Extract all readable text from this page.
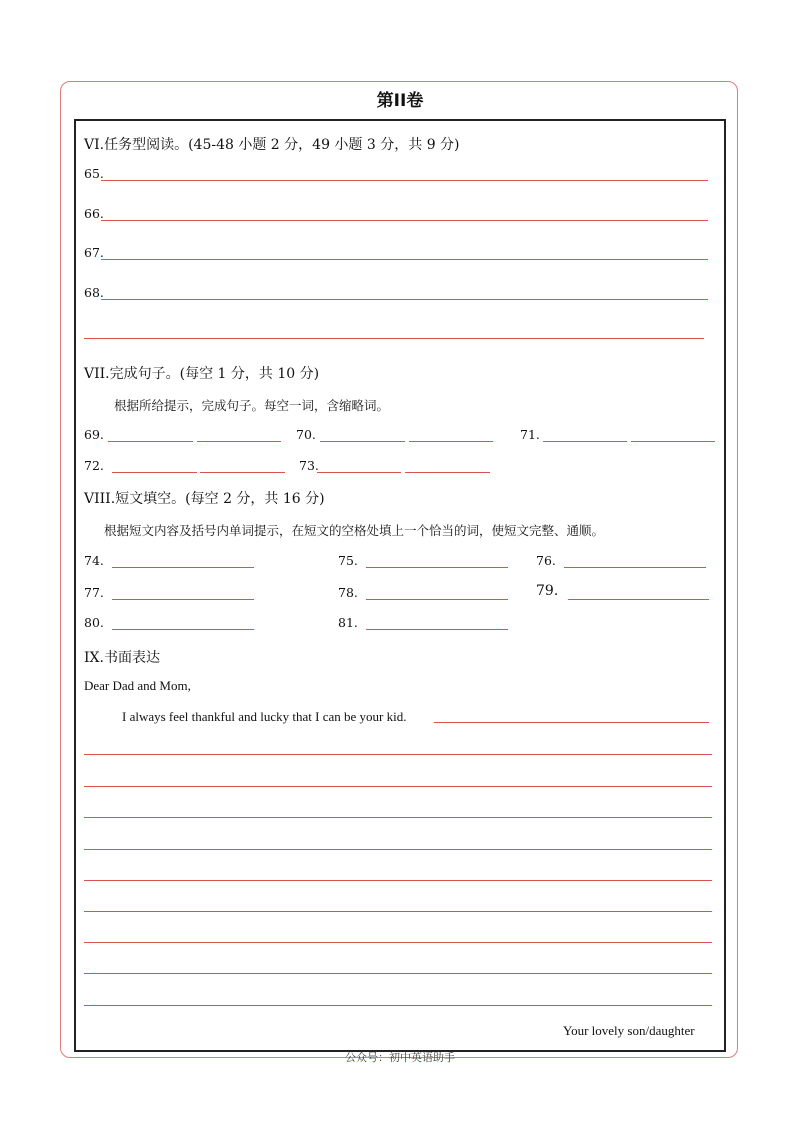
第II卷
VI.任务型阅读。(45-48 小题 2 分，49 小题 3 分，共 9 分)
65.
66.
67.
68.
VII.完成句子。(每空 1 分，共 10 分)
根据所给提示，完成句子。每空一词，含缩略词。
69.	70.	71.
72.	73.
VIII.短文填空。(每空 2 分，共 16 分)
根据短文内容及括号内单词提示，在短文的空格处填上一个恰当的词，使短文完整、通顺。
74.	75.	76.
77.	78.	79.
80.	81.
IX.书面表达
Dear Dad and Mom,
I always feel thankful and lucky that I can be your kid.
Your lovely son/daughter
公众号：初中英语助手
